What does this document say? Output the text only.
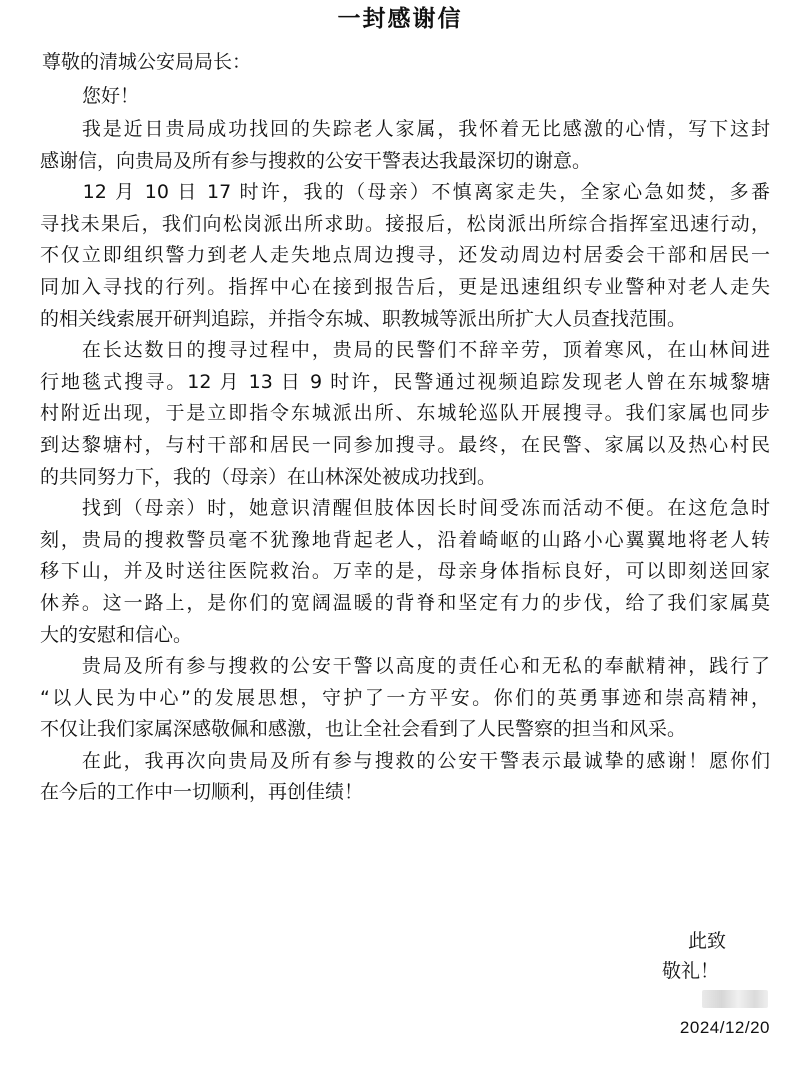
一封感谢信
尊敬的清城公安局局长：
您好！

　　我是近日贵局成功找回的失踪老人家属，我怀着无比感激的心情，写下这封
感谢信，向贵局及所有参与搜救的公安干警表达我最深切的谢意。

　　12 月 10 日 17 时许，我的（母亲）不慎离家走失，全家心急如焚，多番
寻找未果后，我们向松岗派出所求助。接报后，松岗派出所综合指挥室迅速行动，
不仅立即组织警力到老人走失地点周边搜寻，还发动周边村居委会干部和居民一
同加入寻找的行列。指挥中心在接到报告后，更是迅速组织专业警种对老人走失
的相关线索展开研判追踪，并指令东城、职教城等派出所扩大人员查找范围。

　　在长达数日的搜寻过程中，贵局的民警们不辞辛劳，顶着寒风，在山林间进
行地毯式搜寻。12 月 13 日 9 时许，民警通过视频追踪发现老人曾在东城黎塘
村附近出现，于是立即指令东城派出所、东城轮巡队开展搜寻。我们家属也同步
到达黎塘村，与村干部和居民一同参加搜寻。最终，在民警、家属以及热心村民
的共同努力下，我的（母亲）在山林深处被成功找到。

　　找到（母亲）时，她意识清醒但肢体因长时间受冻而活动不便。在这危急时
刻，贵局的搜救警员毫不犹豫地背起老人，沿着崎岖的山路小心翼翼地将老人转
移下山，并及时送往医院救治。万幸的是，母亲身体指标良好，可以即刻送回家
休养。这一路上，是你们的宽阔温暖的背脊和坚定有力的步伐，给了我们家属莫
大的安慰和信心。

　　贵局及所有参与搜救的公安干警以高度的责任心和无私的奉献精神，践行了
“以人民为中心”的发展思想，守护了一方平安。你们的英勇事迹和崇高精神，
不仅让我们家属深感敬佩和感激，也让全社会看到了人民警察的担当和风采。

　　在此，我再次向贵局及所有参与搜救的公安干警表示最诚挚的感谢！愿你们
在今后的工作中一切顺利，再创佳绩！

此致
敬礼！
2024/12/20
